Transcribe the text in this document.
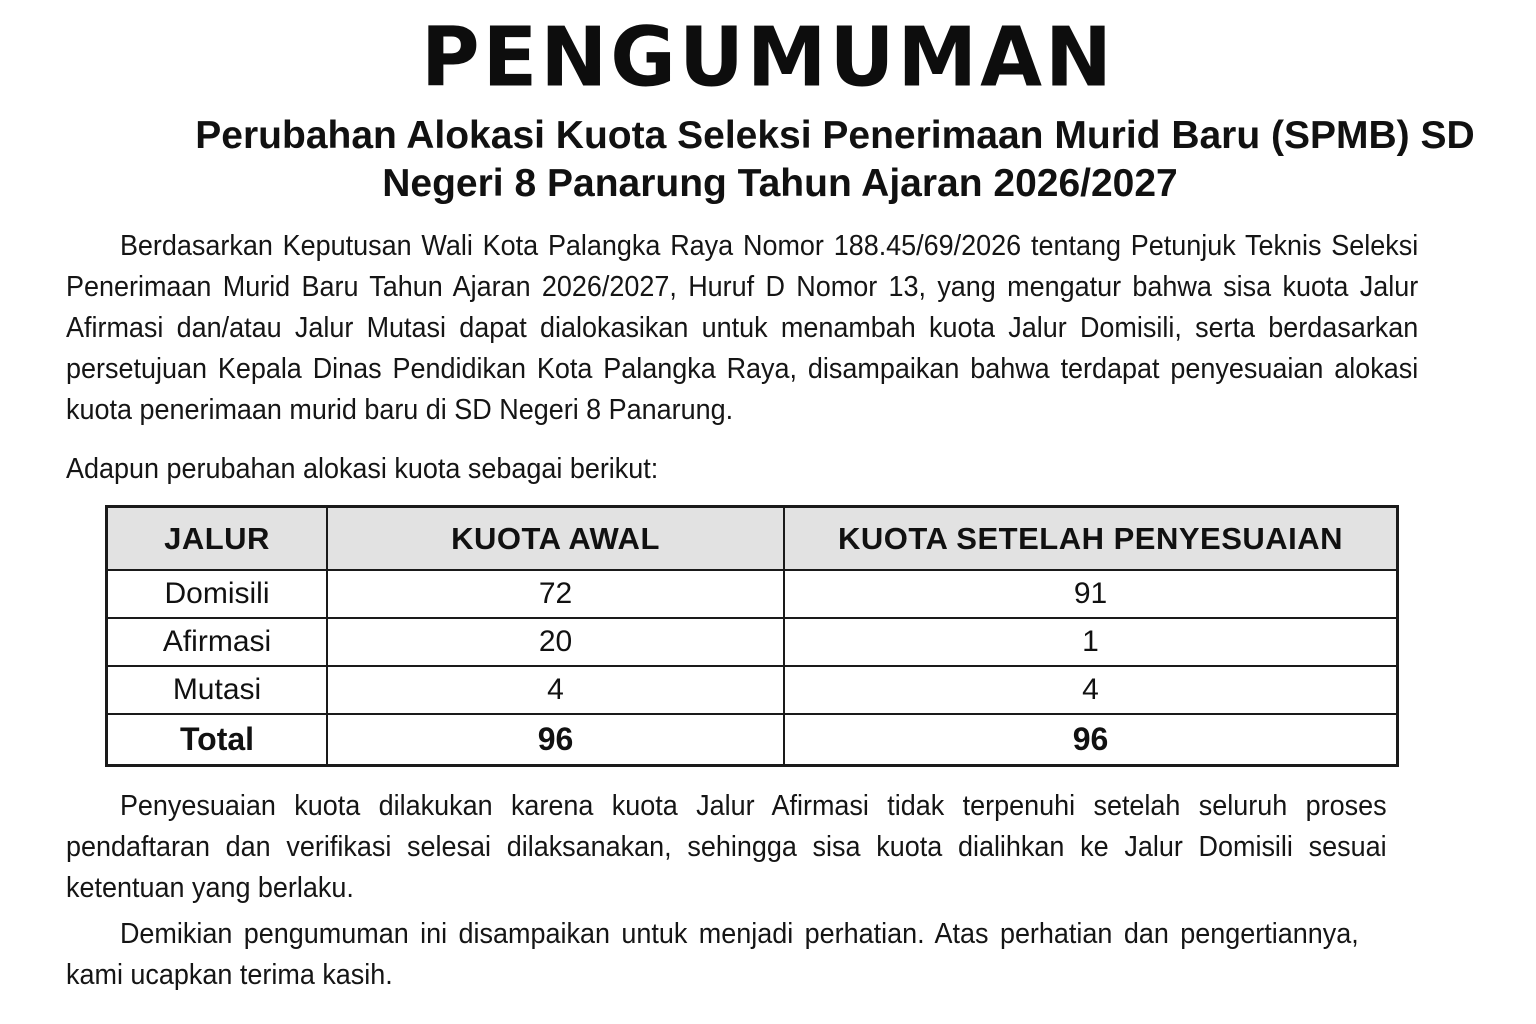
PENGUMUMAN
Perubahan Alokasi Kuota Seleksi Penerimaan Murid Baru (SPMB) SD
Negeri 8 Panarung Tahun Ajaran 2026/2027
Berdasarkan Keputusan Wali Kota Palangka Raya Nomor 188.45/69/2026 tentang Petunjuk Teknis Seleksi Penerimaan Murid Baru Tahun Ajaran 2026/2027, Huruf D Nomor 13, yang mengatur bahwa sisa kuota Jalur Afirmasi dan/atau Jalur Mutasi dapat dialokasikan untuk menambah kuota Jalur Domisili, serta berdasarkan persetujuan Kepala Dinas Pendidikan Kota Palangka Raya, disampaikan bahwa terdapat penyesuaian alokasi kuota penerimaan murid baru di SD Negeri 8 Panarung.
Adapun perubahan alokasi kuota sebagai berikut:
JALUR	KUOTA AWAL	KUOTA SETELAH PENYESUAIAN
Domisili	72	91
Afirmasi	20	1
Mutasi	4	4
Total	96	96
Penyesuaian kuota dilakukan karena kuota Jalur Afirmasi tidak terpenuhi setelah seluruh proses pendaftaran dan verifikasi selesai dilaksanakan, sehingga sisa kuota dialihkan ke Jalur Domisili sesuai ketentuan yang berlaku.
Demikian pengumuman ini disampaikan untuk menjadi perhatian. Atas perhatian dan pengertiannya, kami ucapkan terima kasih.
